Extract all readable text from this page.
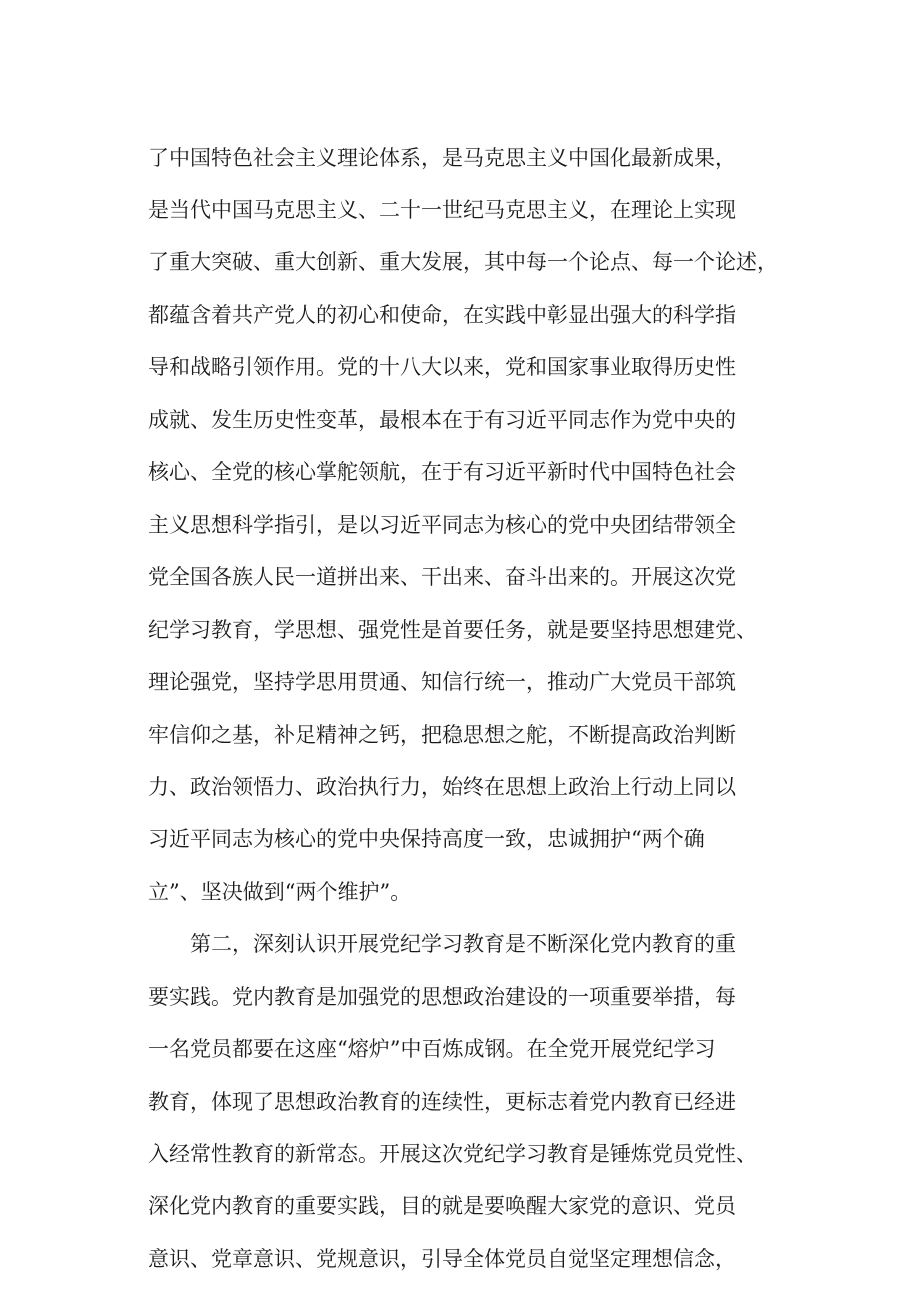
了中国特色社会主义理论体系，是马克思主义中国化最新成果，
是当代中国马克思主义、二十一世纪马克思主义，在理论上实现
了重大突破、重大创新、重大发展，其中每一个论点、每一个论述，
都蕴含着共产党人的初心和使命，在实践中彰显出强大的科学指
导和战略引领作用。党的十八大以来，党和国家事业取得历史性
成就、发生历史性变革，最根本在于有习近平同志作为党中央的
核心、全党的核心掌舵领航，在于有习近平新时代中国特色社会
主义思想科学指引，是以习近平同志为核心的党中央团结带领全
党全国各族人民一道拼出来、干出来、奋斗出来的。开展这次党
纪学习教育，学思想、强党性是首要任务，就是要坚持思想建党、
理论强党，坚持学思用贯通、知信行统一，推动广大党员干部筑
牢信仰之基，补足精神之钙，把稳思想之舵，不断提高政治判断
力、政治领悟力、政治执行力，始终在思想上政治上行动上同以
习近平同志为核心的党中央保持高度一致，忠诚拥护“两个确
立”、坚决做到“两个维护”。
　　第二，深刻认识开展党纪学习教育是不断深化党内教育的重
要实践。党内教育是加强党的思想政治建设的一项重要举措，每
一名党员都要在这座“熔炉”中百炼成钢。在全党开展党纪学习
教育，体现了思想政治教育的连续性，更标志着党内教育已经进
入经常性教育的新常态。开展这次党纪学习教育是锤炼党员党性、
深化党内教育的重要实践，目的就是要唤醒大家党的意识、党员
意识、党章意识、党规意识，引导全体党员自觉坚定理想信念，
